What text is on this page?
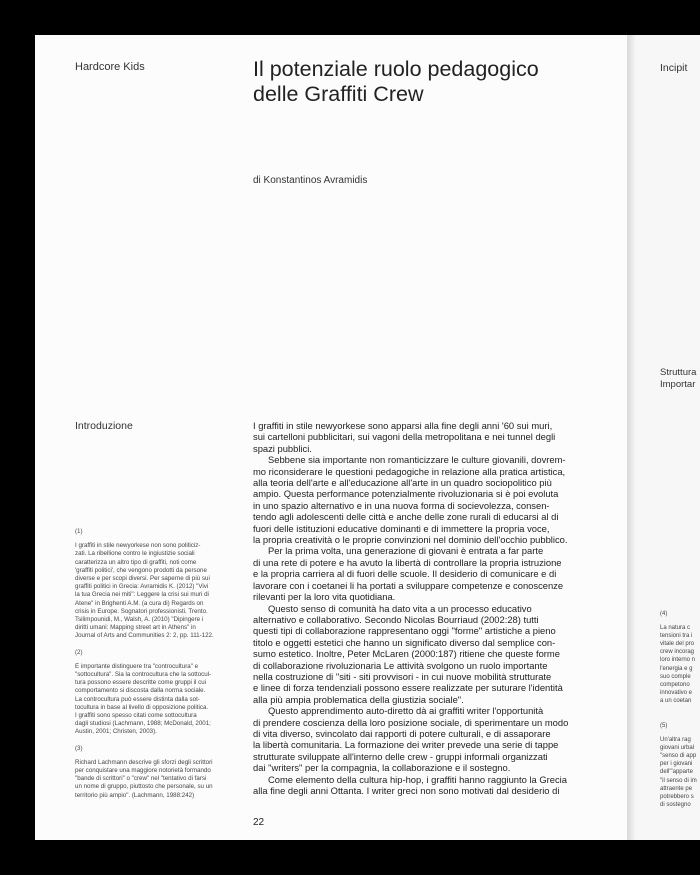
Hardcore Kids	Il potenziale ruolo pedagogico
delle Graffiti Crew
di Konstantinos Avramidis
Introduzione
(1)
I graffiti in stile newyorkese non sono politiciz-
zati. La ribellione contro le ingiustizie sociali
caratterizza un altro tipo di graffiti, noti come
'graffiti politici', che vengono prodotti da persone
diverse e per scopi diversi. Per saperne di più sui
graffiti politici in Grecia: Avramidis K. (2012) "Vivi
la tua Grecia nei miti": Leggere la crisi sui muri di
Atene" in Brighenti A.M. (a cura di) Regards on
crisis in Europe. Sognatori professionisti. Trento.
Tsilimpounidi, M., Walsh, A. (2010) "Dipingere i
diritti umani: Mapping street art in Athens" in
Journal of Arts and Communities 2: 2, pp. 111-122.
(2)
È importante distinguere tra "controcultura" e
"sottocultura". Sia la controcultura che la sottocul-
tura possono essere descritte come gruppi il cui
comportamento si discosta dalla norma sociale.
La controcultura può essere distinta dalla sot-
tocultura in base al livello di opposizione politica.
I graffiti sono spesso citati come sottocultura
dagli studiosi (Lachmann, 1988; McDonald, 2001;
Austin, 2001; Christen, 2003).
(3)
Richard Lachmann descrive gli sforzi degli scrittori
per conquistare una maggiore notorietà formando
"bande di scrittori" o "crew" nel "tentativo di farsi
un nome di gruppo, piuttosto che personale, su un
territorio più ampio". (Lachmann, 1988:242)
I graffiti in stile newyorkese sono apparsi alla fine degli anni '60 sui muri,
sui cartelloni pubblicitari, sui vagoni della metropolitana e nei tunnel degli
spazi pubblici.
Sebbene sia importante non romanticizzare le culture giovanili, dovrem-
mo riconsiderare le questioni pedagogiche in relazione alla pratica artistica,
alla teoria dell'arte e all'educazione all'arte in un quadro sociopolitico più
ampio. Questa performance potenzialmente rivoluzionaria si è poi evoluta
in uno spazio alternativo e in una nuova forma di socievolezza, consen-
tendo agli adolescenti delle città e anche delle zone rurali di educarsi al di
fuori delle istituzioni educative dominanti e di immettere la propria voce,
la propria creatività o le proprie convinzioni nel dominio dell'occhio pubblico.
Per la prima volta, una generazione di giovani è entrata a far parte
di una rete di potere e ha avuto la libertà di controllare la propria istruzione
e la propria carriera al di fuori delle scuole. Il desiderio di comunicare e di
lavorare con i coetanei li ha portati a sviluppare competenze e conoscenze
rilevanti per la loro vita quotidiana.
Questo senso di comunità ha dato vita a un processo educativo
alternativo e collaborativo. Secondo Nicolas Bourriaud (2002:28) tutti
questi tipi di collaborazione rappresentano oggi "forme" artistiche a pieno
titolo e oggetti estetici che hanno un significato diverso dal semplice con-
sumo estetico. Inoltre, Peter McLaren (2000:187) ritiene che queste forme
di collaborazione rivoluzionaria Le attività svolgono un ruolo importante
nella costruzione di "siti - siti provvisori - in cui nuove mobilità strutturate
e linee di forza tendenziali possono essere realizzate per suturare l'identità
alla più ampia problematica della giustizia sociale".
Questo apprendimento auto-diretto dà ai graffiti writer l'opportunità
di prendere coscienza della loro posizione sociale, di sperimentare un modo
di vita diverso, svincolato dai rapporti di potere culturali, e di assaporare
la libertà comunitaria. La formazione dei writer prevede una serie di tappe
strutturate sviluppate all'interno delle crew - gruppi informali organizzati
dai "writers" per la compagnia, la collaborazione e il sostegno.
Come elemento della cultura hip-hop, i graffiti hanno raggiunto la Grecia
alla fine degli anni Ottanta. I writer greci non sono motivati dal desiderio di
22
Incipit
Struttura
Importar
(4)
La natura c
tensioni tra i
vitale del pro
crew incorag
loro interno n
l'energia e g
suo comple
competono
innovativo e
a un coetan
(5)
Un'altra rag
giovani urbal
"senso di app
per i giovani
dell'"apparte
"il senso di im
attraente pe
potrebbero s
di sostegno
